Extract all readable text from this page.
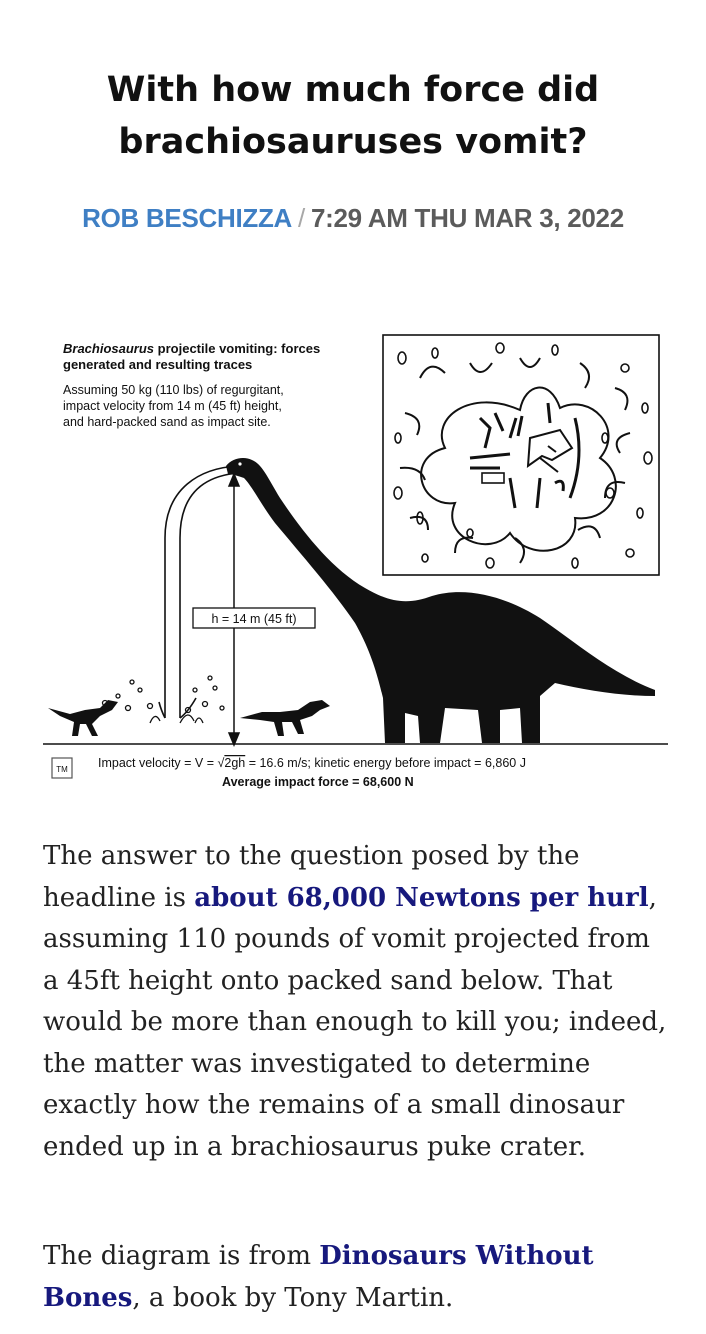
With how much force did brachiosauruses vomit?
ROB BESCHIZZA / 7:29 AM THU MAR 3, 2022
Brachiosaurus projectile vomiting: forces
generated and resulting traces
Assuming 50 kg (110 lbs) of regurgitant,
impact velocity from 14 m (45 ft) height,
and hard-packed sand as impact site.
h = 14 m (45 ft)
TM Impact velocity = V = √2gh = 16.6 m/s; kinetic energy before impact = 6,860 J
Average impact force = 68,600 N

The answer to the question posed by the headline is about 68,000 Newtons per hurl, assuming 110 pounds of vomit projected from a 45ft height onto packed sand below. That would be more than enough to kill you; indeed, the matter was investigated to determine exactly how the remains of a small dinosaur ended up in a brachiosaurus puke crater.

The diagram is from Dinosaurs Without Bones, a book by Tony Martin.
